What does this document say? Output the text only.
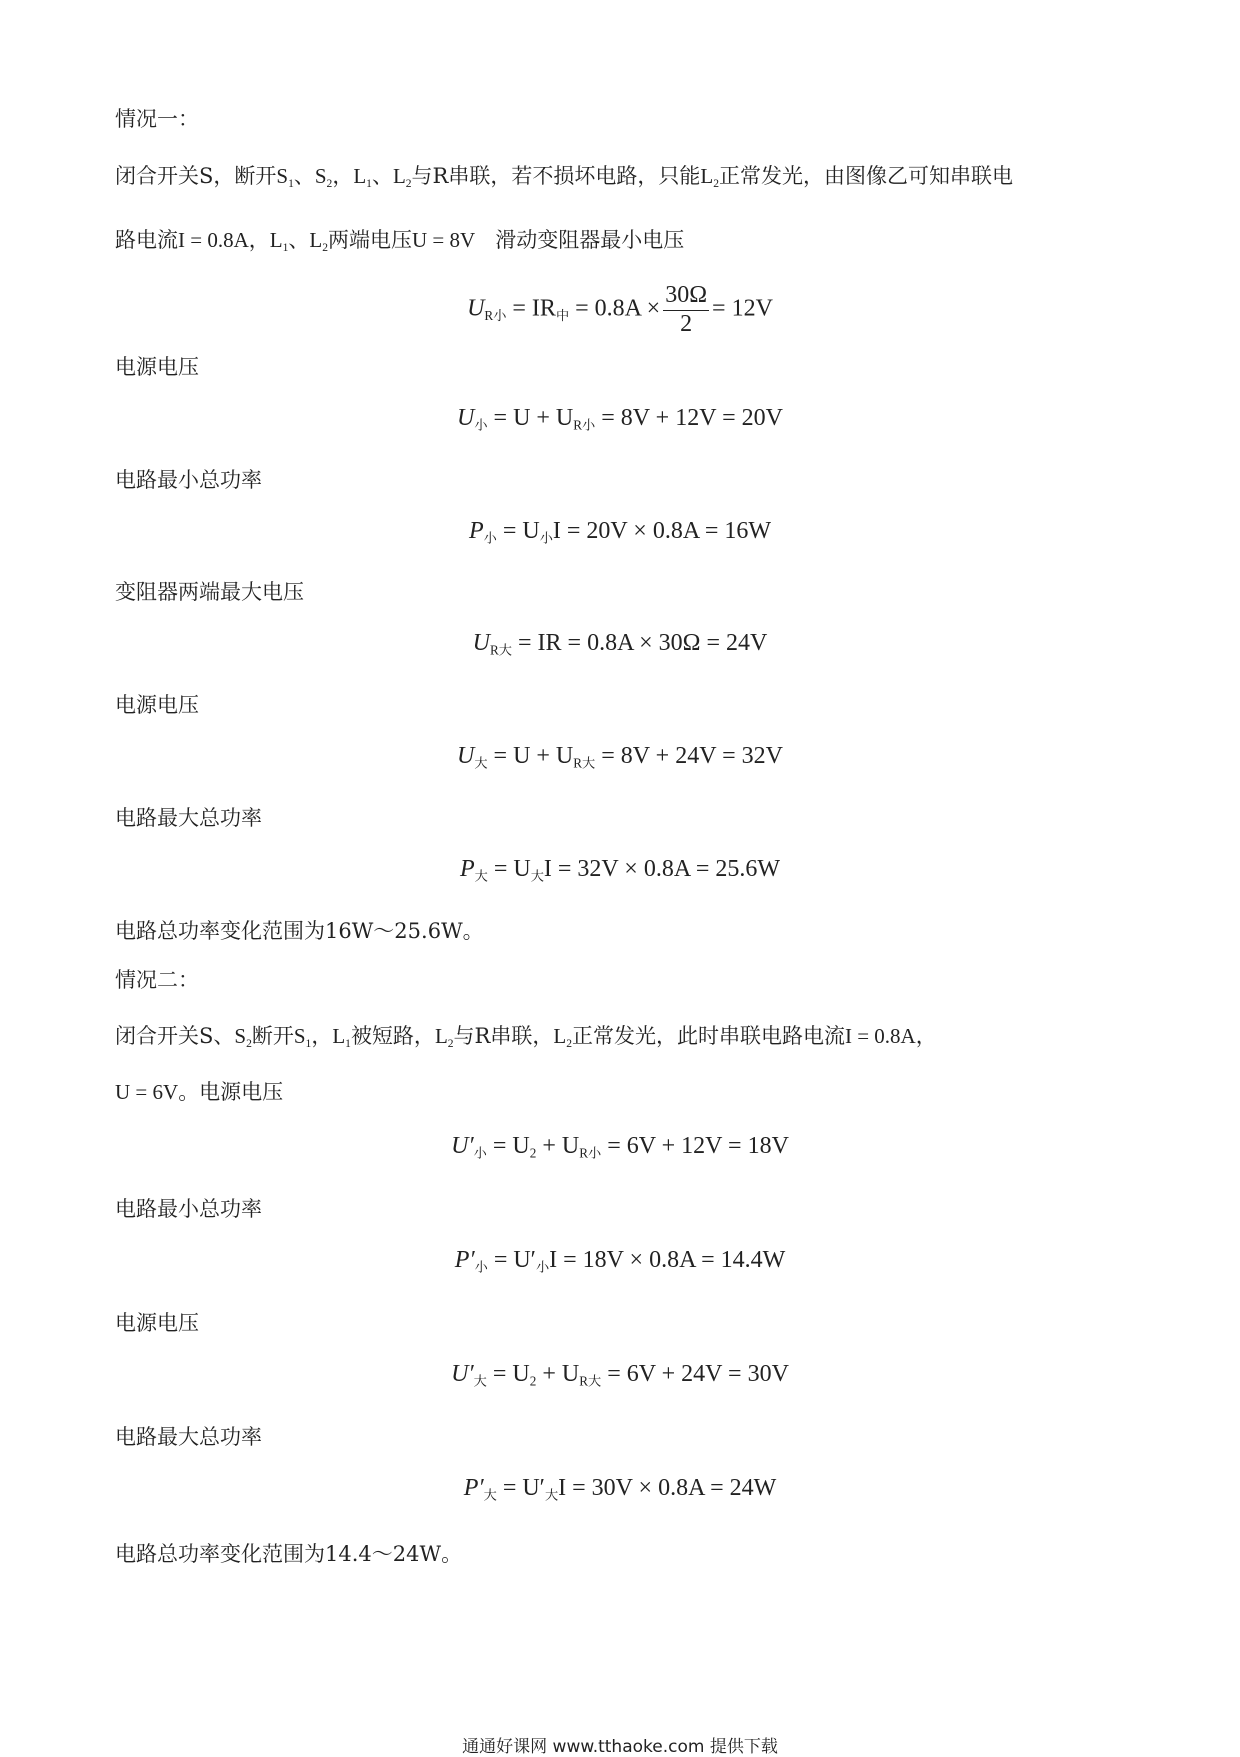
情况一：
闭合开关S，断开$S_1$、$S_2$，$L_1$、$L_2$与R串联，若不损坏电路，只能$L_2$正常发光，由图像乙可知串联电
路电流I = 0.8A，$L_1$、$L_2$两端电压U = 8V 滑动变阻器最小电压
$U_{R小} = IR_中 = 0.8A \times \frac{30\Omega}{2} = 12V$
电源电压
$U_小 = U + U_{R小} = 8V + 12V = 20V$
电路最小总功率
$P_小 = U_小I = 20V \times 0.8A = 16W$
变阻器两端最大电压
$U_{R大}$ = IR = 0.8A × 30Ω = 24V
电源电压
$U_大 = U + U_{R大} = 8V + 24V = 32V$
电路最大总功率
$P_大 = U_大I = 32V \times 0.8A = 25.6W$
电路总功率变化范围为16W～25.6W。
情况二：
闭合开关S、$S_2$断开$S_1$，$L_1$被短路，$L_2$与R串联，$L_2$正常发光，此时串联电路电流I = 0.8A，
U = 6V。电源电压
$U'_小 = U_2 + U_{R小} = 6V + 12V = 18V$
电路最小总功率
$P'_小 = U'_小I = 18V \times 0.8A = 14.4W$
电源电压
$U'_大 = U_2 + U_{R大} = 6V + 24V = 30V$
电路最大总功率
$P'_大 = U'_大I = 30V \times 0.8A = 24W$
电路总功率变化范围为14.4～24W。
通通好课网 www.tthaoke.com 提供下载
